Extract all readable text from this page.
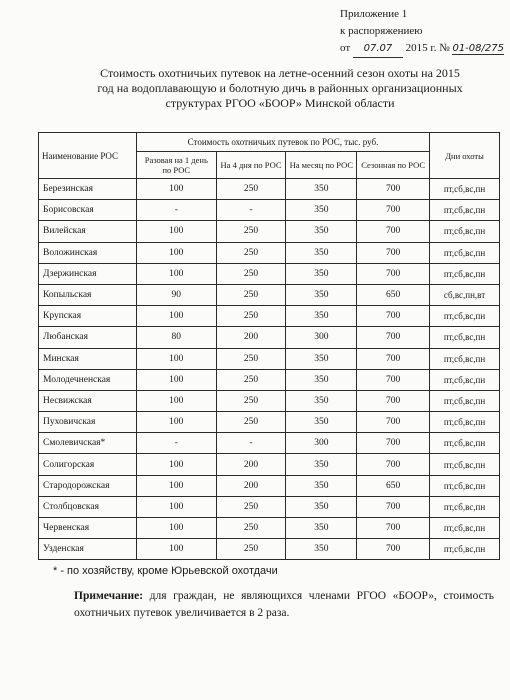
Приложение 1
к распоряжениею
от 07.07 2015 г. № 01-08/275
Стоимость охотничьих путевок на летне-осенний сезон охоты на 2015
год на водоплавающую и болотную дичь в районных организационных
структурах РГОО «БООР» Минской области
Наименование РОС	Стоимость охотничьих путевок по РОС, тыс. руб.				Дни охоты
	Разовая на 1 день по РОС	На 4 дня по РОС	На месяц по РОС	Сезонная по РОС	
Березинская	100	250	350	700	пт,сб,вс,пн
Борисовская	-	-	350	700	пт,сб,вс,пн
Вилейская	100	250	350	700	пт,сб,вс,пн
Воложинская	100	250	350	700	пт,сб,вс,пн
Дзержинская	100	250	350	700	пт,сб,вс,пн
Копыльская	90	250	350	650	сб,вс,пн,вт
Крупская	100	250	350	700	пт,сб,вс,пн
Любанская	80	200	300	700	пт,сб,вс,пн
Минская	100	250	350	700	пт,сб,вс,пн
Молодечненская	100	250	350	700	пт,сб,вс,пн
Несвижская	100	250	350	700	пт,сб,вс,пн
Пуховичская	100	250	350	700	пт,сб,вс,пн
Смолевичская*	-	-	300	700	пт,сб,вс,пн
Солигорская	100	200	350	700	пт,сб,вс,пн
Стародорожская	100	200	350	650	пт,сб,вс,пн
Столбцовская	100	250	350	700	пт,сб,вс,пн
Червенская	100	250	350	700	пт,сб,вс,пн
Узденская	100	250	350	700	пт,сб,вс,пн
* - по хозяйству, кроме Юрьевской охотдачи
Примечание: для граждан, не являющихся членами РГОО «БООР», стоимость охотничьих путевок увеличивается в 2 раза.
